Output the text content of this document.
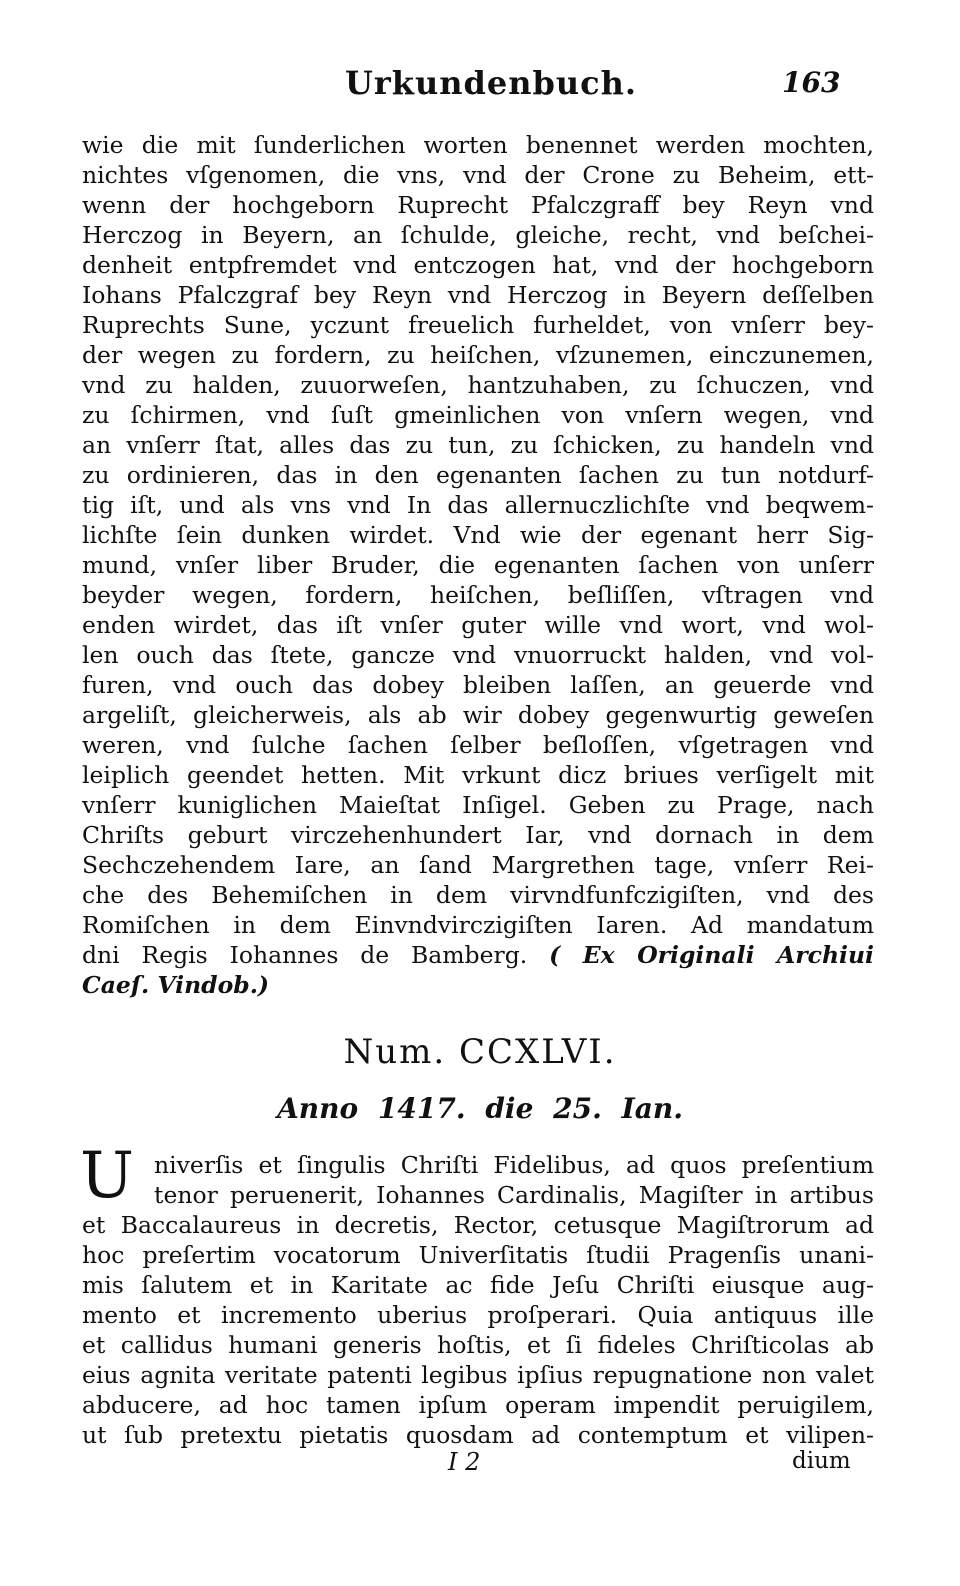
Urkundenbuch.	163
wie die mit ſunderlichen worten benennet werden mochten,
nichtes vſgenomen, die vns, vnd der Crone zu Beheim, ett-
wenn der hochgeborn Ruprecht Pfalczgraff bey Reyn vnd
Herczog in Beyern, an ſchulde, gleiche, recht, vnd beſchei-
denheit entpfremdet vnd entczogen hat, vnd der hochgeborn
Iohans Pfalczgraf bey Reyn vnd Herczog in Beyern deſſelben
Ruprechts Sune, yczunt freuelich furheldet, von vnſerr bey-
der wegen zu fordern, zu heiſchen, vſzunemen, einczunemen,
vnd zu halden, zuuorweſen, hantzuhaben, zu ſchuczen, vnd
zu ſchirmen, vnd ſuſt gmeinlichen von vnſern wegen, vnd
an vnſerr ſtat, alles das zu tun, zu ſchicken, zu handeln vnd
zu ordinieren, das in den egenanten ſachen zu tun notdurf-
tig iſt, und als vns vnd In das allernuczlichſte vnd beqwem-
lichſte ſein dunken wirdet. Vnd wie der egenant herr Sig-
mund, vnſer liber Bruder, die egenanten ſachen von unſerr
beyder wegen, fordern, heiſchen, beſliſſen, vſtragen vnd
enden wirdet, das iſt vnſer guter wille vnd wort, vnd wol-
len ouch das ſtete, gancze vnd vnuorruckt halden, vnd vol-
furen, vnd ouch das dobey bleiben laſſen, an geuerde vnd
argeliſt, gleicherweis, als ab wir dobey gegenwurtig geweſen
weren, vnd ſulche ſachen ſelber beſloſſen, vſgetragen vnd
leiplich geendet hetten. Mit vrkunt dicz briues verſigelt mit
vnſerr kuniglichen Maieſtat Inſigel. Geben zu Prage, nach
Chriſts geburt virczehenhundert Iar, vnd dornach in dem
Sechczehendem Iare, an ſand Margrethen tage, vnſerr Rei-
che des Behemiſchen in dem virvndfunfczigiſten, vnd des
Romiſchen in dem Einvndvirczigiſten Iaren. Ad mandatum
dni Regis Iohannes de Bamberg. ( Ex Originali Archiui
Caeſ. Vindob.)
Num. CCXLVI.
Anno 1417. die 25. Ian.
U niverſis et ſingulis Chriſti Fidelibus, ad quos preſentium
tenor peruenerit, Iohannes Cardinalis, Magiſter in artibus
et Baccalaureus in decretis, Rector, cetusque Magiſtrorum ad
hoc preſertim vocatorum Univerſitatis ſtudii Pragenſis unani-
mis ſalutem et in Karitate ac fide Jeſu Chriſti eiusque aug-
mento et incremento uberius proſperari. Quia antiquus ille
et callidus humani generis hoſtis, et ſi fideles Chriſticolas ab
eius agnita veritate patenti legibus ipſius repugnatione non valet
abducere, ad hoc tamen ipſum operam impendit peruigilem,
ut ſub pretextu pietatis quosdam ad contemptum et vilipen-
I 2	dium
